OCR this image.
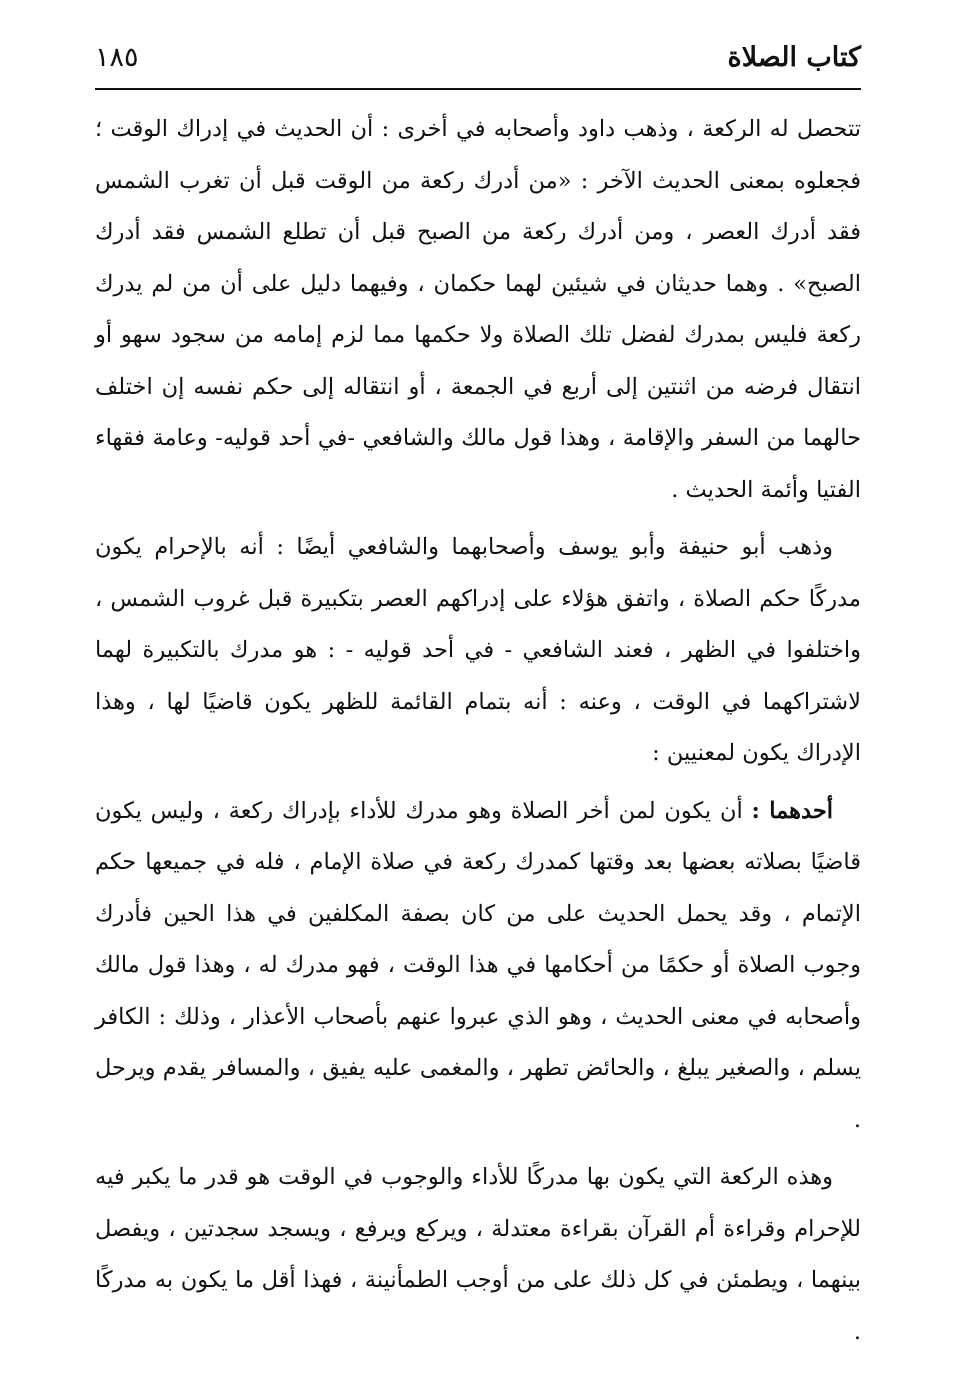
كتاب الصلاة
١٨٥

تتحصل له الركعة ، وذهب داود وأصحابه في أخرى : أن الحديث في إدراك الوقت ؛ فجعلوه بمعنى الحديث الآخر : «من أدرك ركعة من الوقت قبل أن تغرب الشمس فقد أدرك العصر ، ومن أدرك ركعة من الصبح قبل أن تطلع الشمس فقد أدرك الصبح» . وهما حديثان في شيئين لهما حكمان ، وفيهما دليل على أن من لم يدرك ركعة فليس بمدرك لفضل تلك الصلاة ولا حكمها مما لزم إمامه من سجود سهو أو انتقال فرضه من اثنتين إلى أربع في الجمعة ، أو انتقاله إلى حكم نفسه إن اختلف حالهما من السفر والإقامة ، وهذا قول مالك والشافعي -في أحد قوليه- وعامة فقهاء الفتيا وأئمة الحديث .

وذهب أبو حنيفة وأبو يوسف وأصحابهما والشافعي أيضًا : أنه بالإحرام يكون مدركًا حكم الصلاة ، واتفق هؤلاء على إدراكهم العصر بتكبيرة قبل غروب الشمس ، واختلفوا في الظهر ، فعند الشافعي - في أحد قوليه - : هو مدرك بالتكبيرة لهما لاشتراكهما في الوقت ، وعنه : أنه بتمام القائمة للظهر يكون قاضيًا لها ، وهذا الإدراك يكون لمعنيين :

أحدهما : أن يكون لمن أخر الصلاة وهو مدرك للأداء بإدراك ركعة ، وليس يكون قاضيًا بصلاته بعضها بعد وقتها كمدرك ركعة في صلاة الإمام ، فله في جميعها حكم الإتمام ، وقد يحمل الحديث على من كان بصفة المكلفين في هذا الحين فأدرك وجوب الصلاة أو حكمًا من أحكامها في هذا الوقت ، فهو مدرك له ، وهذا قول مالك وأصحابه في معنى الحديث ، وهو الذي عبروا عنهم بأصحاب الأعذار ، وذلك : الكافر يسلم ، والصغير يبلغ ، والحائض تطهر ، والمغمى عليه يفيق ، والمسافر يقدم ويرحل .

وهذه الركعة التي يكون بها مدركًا للأداء والوجوب في الوقت هو قدر ما يكبر فيه للإحرام وقراءة أم القرآن بقراءة معتدلة ، ويركع ويرفع ، ويسجد سجدتين ، ويفصل بينهما ، ويطمئن في كل ذلك على من أوجب الطمأنينة ، فهذا أقل ما يكون به مدركًا .
